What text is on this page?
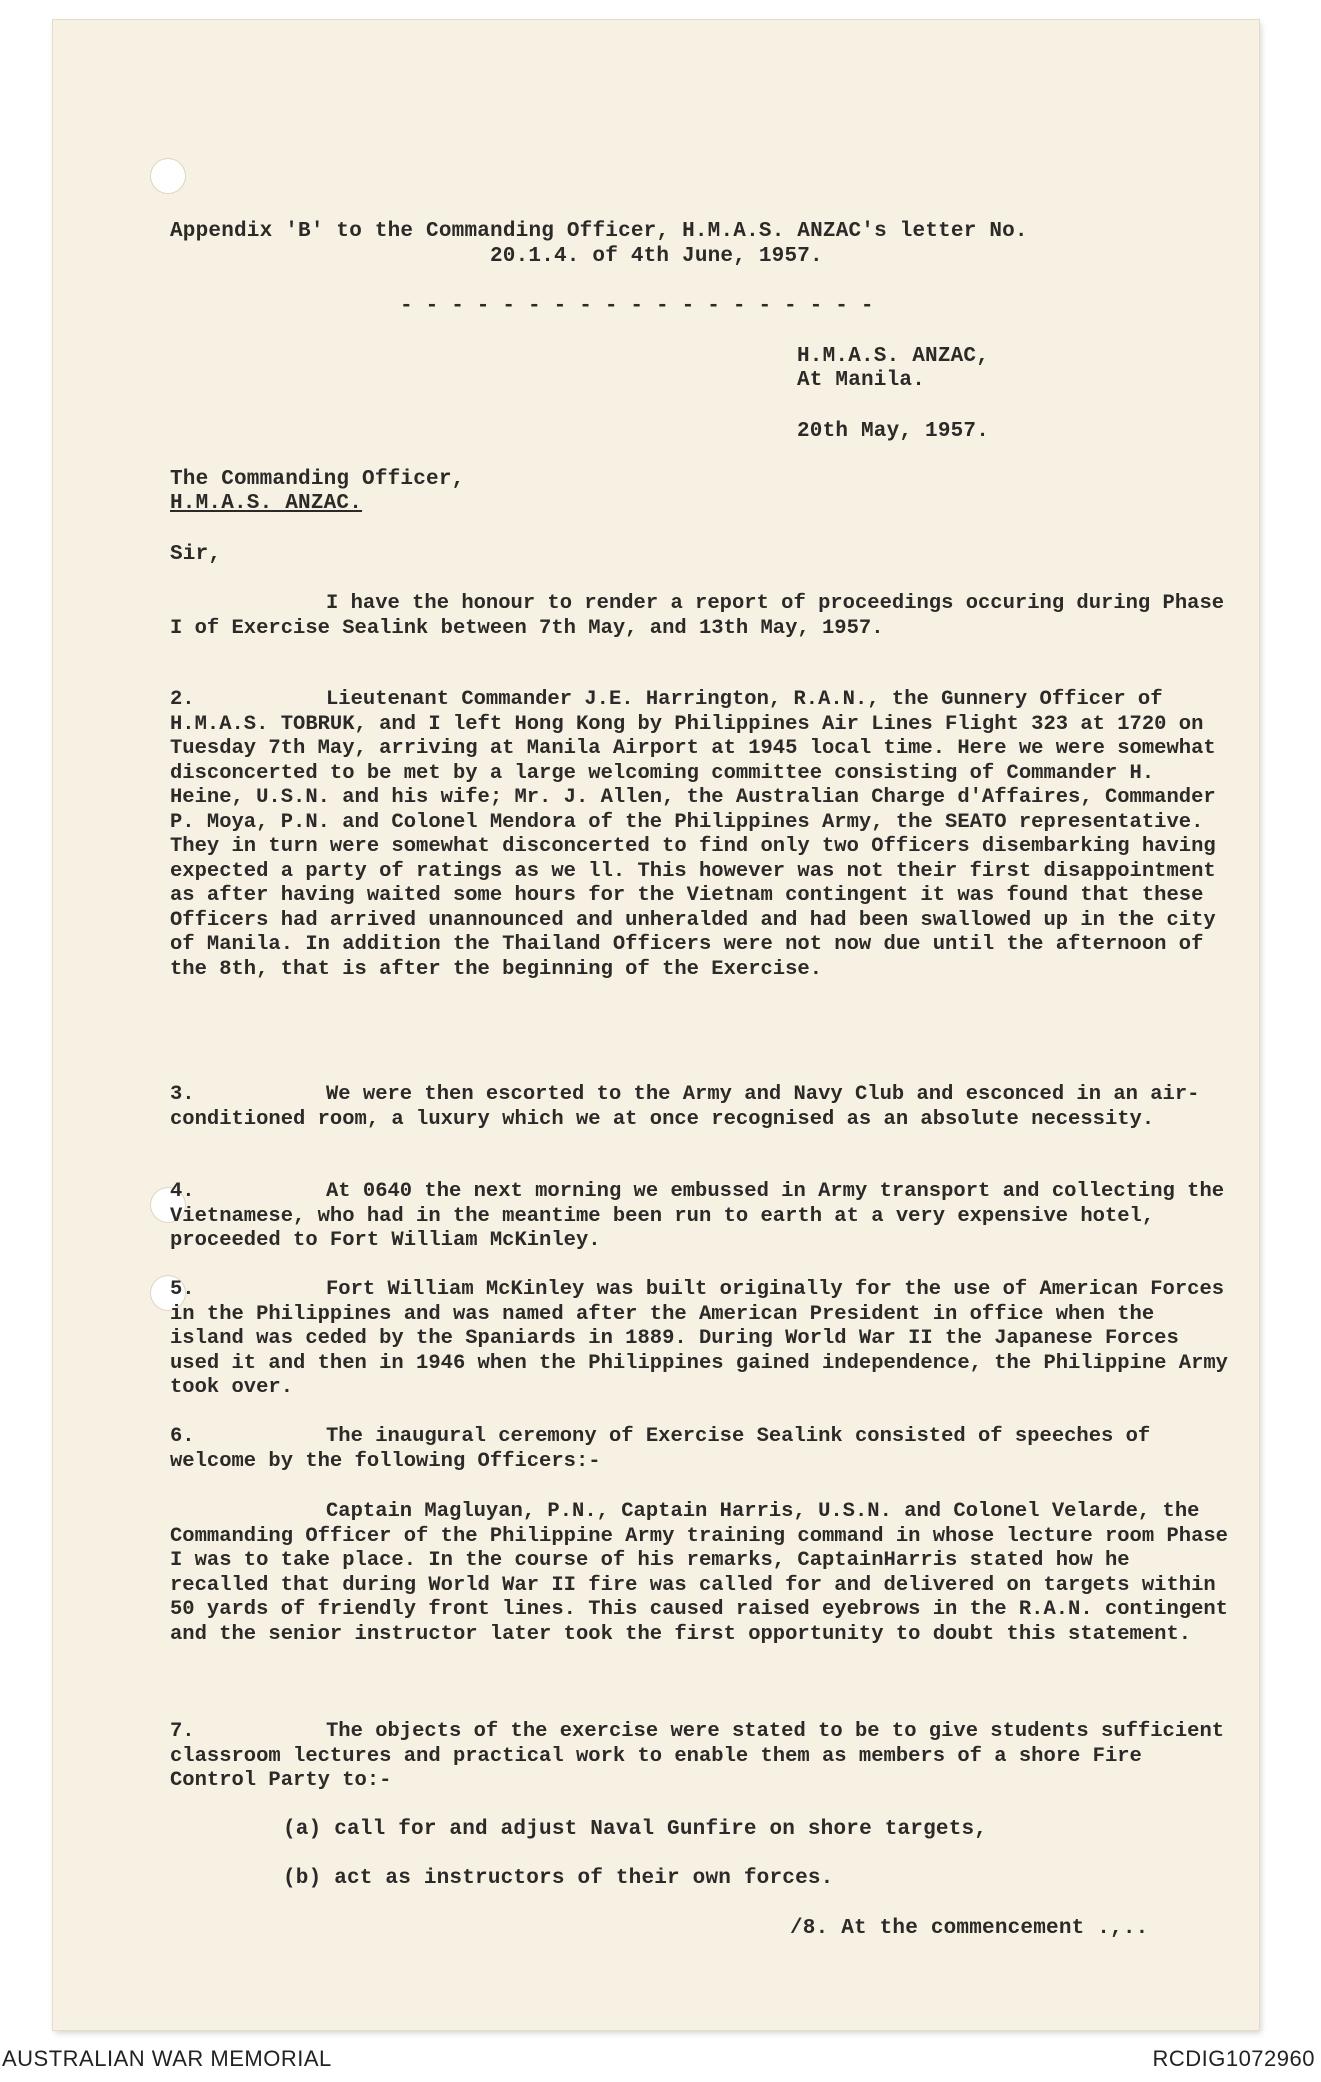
Appendix 'B' to the Commanding Officer, H.M.A.S. ANZAC's letter No.
20.1.4. of 4th June, 1957.
- - - - - - - - - - - - - - - - - - -
H.M.A.S. ANZAC,
At Manila.
20th May, 1957.
The Commanding Officer,
H.M.A.S. ANZAC.
Sir,
I have the honour to render a report of proceedings occuring during Phase I of Exercise Sealink between 7th May, and 13th May, 1957.
2.	Lieutenant Commander J.E. Harrington, R.A.N., the Gunnery Officer of H.M.A.S. TOBRUK, and I left Hong Kong by Philippines Air Lines Flight 323 at 1720 on Tuesday 7th May, arriving at Manila Airport at 1945 local time. Here we were somewhat disconcerted to be met by a large welcoming committee consisting of Commander H. Heine, U.S.N. and his wife; Mr. J. Allen, the Australian Charge d'Affaires, Commander P. Moya, P.N. and Colonel Mendora of the Philippines Army, the SEATO representative. They in turn were somewhat disconcerted to find only two Officers disembarking having expected a party of ratings as we ll. This however was not their first disappointment as after having waited some hours for the Vietnam contingent it was found that these Officers had arrived unannounced and unheralded and had been swallowed up in the city of Manila. In addition the Thailand Officers were not now due until the afternoon of the 8th, that is after the beginning of the Exercise.
3.	We were then escorted to the Army and Navy Club and esconced in an air-conditioned room, a luxury which we at once recognised as an absolute necessity.
4.	At 0640 the next morning we embussed in Army transport and collecting the Vietnamese, who had in the meantime been run to earth at a very expensive hotel, proceeded to Fort William McKinley.
5.	Fort William McKinley was built originally for the use of American Forces in the Philippines and was named after the American President in office when the island was ceded by the Spaniards in 1889. During World War II the Japanese Forces used it and then in 1946 when the Philippines gained independence, the Philippine Army took over.
6.	The inaugural ceremony of Exercise Sealink consisted of speeches of welcome by the following Officers:-
Captain Magluyan, P.N., Captain Harris, U.S.N. and Colonel Velarde, the Commanding Officer of the Philippine Army training command in whose lecture room Phase I was to take place. In the course of his remarks, CaptainHarris stated how he recalled that during World War II fire was called for and delivered on targets within 50 yards of friendly front lines. This caused raised eyebrows in the R.A.N. contingent and the senior instructor later took the first opportunity to doubt this statement.
7.	The objects of the exercise were stated to be to give students sufficient classroom lectures and practical work to enable them as members of a shore Fire Control Party to:-
(a) call for and adjust Naval Gunfire on shore targets,
(b) act as instructors of their own forces.
/8. At the commencement .,..
AUSTRALIAN WAR MEMORIAL	RCDIG1072960
